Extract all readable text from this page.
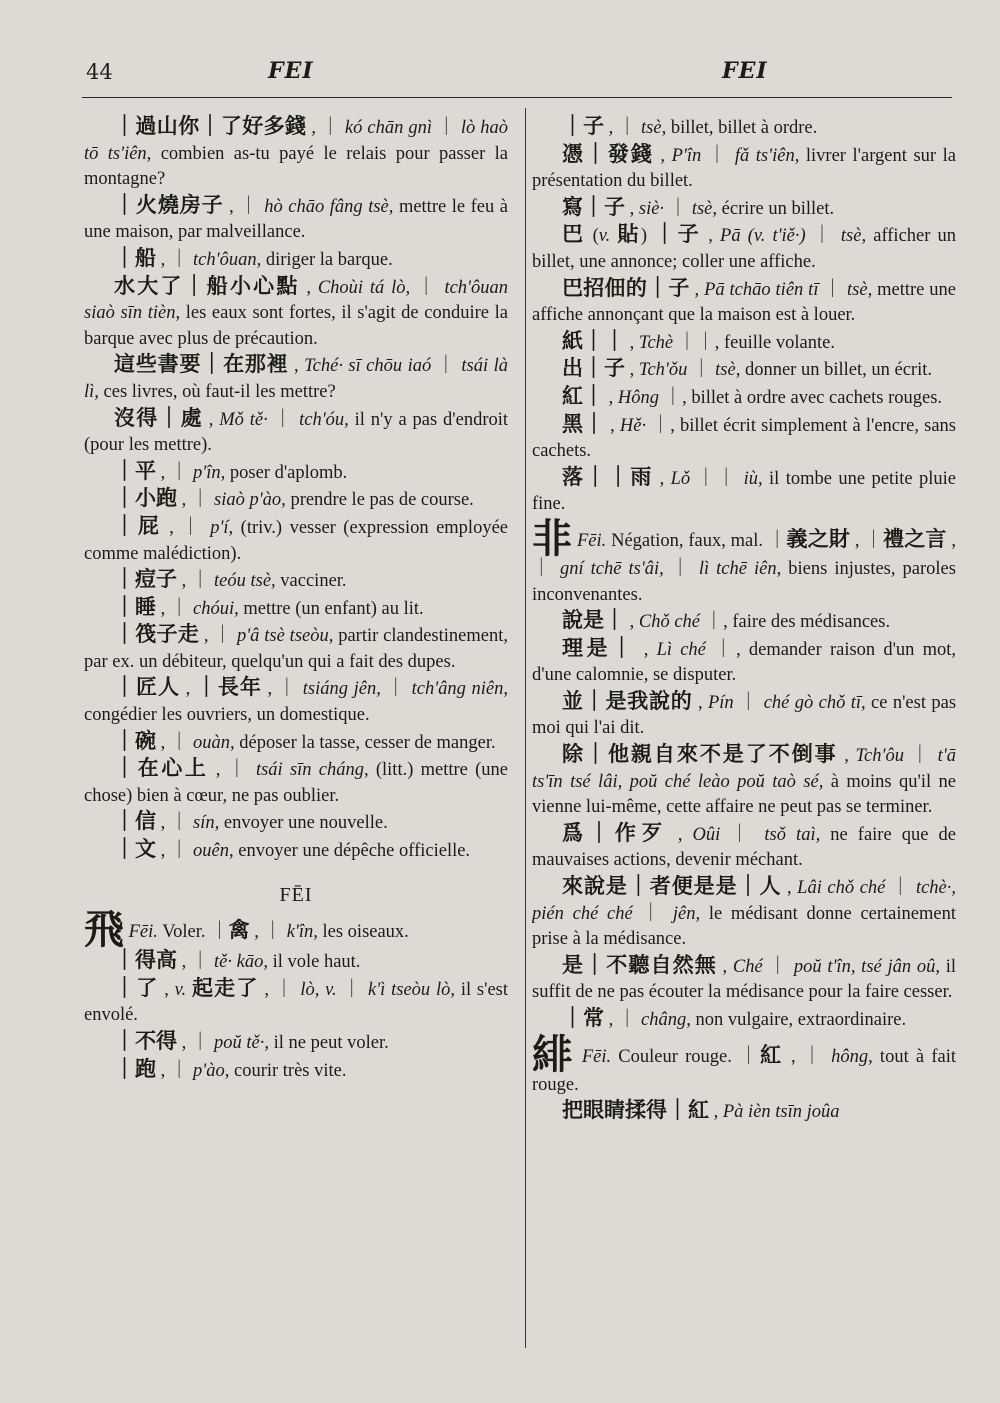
44	FEI	FEI

｜過山你｜了好多錢 , ｜ kó chān gnì ｜ lò haò tō ts'iên, combien as-tu payé le relais pour passer la montagne?

｜火燒房子 , ｜ hò chāo fâng tsè, mettre le feu à une maison, par malveillance.

｜船 , ｜ tch'ôuan, diriger la barque.

水大了｜船小心點 , Choùi tá lò, ｜ tch'ôuan siaò sīn tièn, les eaux sont fortes, il s'agit de conduire la barque avec plus de précaution.

這些書要｜在那裡 , Tché· sī chōu iaó ｜ tsái là lì, ces livres, où faut-il les mettre?

沒得｜處 , Mǒ tě· ｜ tch'óu, il n'y a pas d'endroit (pour les mettre).

｜平 , ｜ p'în, poser d'aplomb.

｜小跑 , ｜ siaò p'ào, prendre le pas de course.

｜屁 , ｜ p'í, (triv.) vesser (expression employée comme malédiction).

｜痘子 , ｜ teóu tsè, vacciner.

｜睡 , ｜ chóui, mettre (un enfant) au lit.

｜筏子走 , ｜ p'â tsè tseòu, partir clandestinement, par ex. un débiteur, quelqu'un qui a fait des dupes.

｜匠人 , ｜長年 , ｜ tsiáng jên, ｜ tch'âng niên, congédier les ouvriers, un domestique.

｜碗 , ｜ ouàn, déposer la tasse, cesser de manger.

｜在心上 , ｜ tsái sīn cháng, (litt.) mettre (une chose) bien à cœur, ne pas oublier.

｜信 , ｜ sín, envoyer une nouvelle.

｜文 , ｜ ouên, envoyer une dépêche officielle.

FĒI

飛 Fēi. Voler. ｜禽 , ｜ k'în, les oiseaux.

｜得高 , ｜ tě· kāo, il vole haut.

｜了 , v. 起走了 , ｜ lò, v. ｜ k'ì tseòu lò, il s'est envolé.

｜不得 , ｜ poŭ tě·, il ne peut voler.

｜跑 , ｜ p'ào, courir très vite.

｜子 , ｜ tsè, billet, billet à ordre.

憑｜發錢 , P'în ｜ fǎ ts'iên, livrer l'argent sur la présentation du billet.

寫｜子 , siè· ｜ tsè, écrire un billet.

巴 (v. 貼) ｜子 , Pā (v. t'iě·) ｜ tsè, afficher un billet, une annonce; coller une affiche.

巴招佃的｜子 , Pā tchāo tiên tī ｜ tsè, mettre une affiche annonçant que la maison est à louer.

紙｜｜ , Tchè ｜｜, feuille volante.

出｜子 , Tch'ǒu ｜ tsè, donner un billet, un écrit.

紅｜ , Hông ｜, billet à ordre avec cachets rouges.

黑｜ , Hě· ｜, billet écrit simplement à l'encre, sans cachets.

落｜｜雨 , Lǒ ｜｜ iù, il tombe une petite pluie fine.

非 Fēi. Négation, faux, mal. ｜義之財 , ｜禮之言 , ｜ gní tchē ts'âi, ｜ lì tchē iên, biens injustes, paroles inconvenantes.

說是｜ , Chǒ ché ｜, faire des médisances.

理是｜ , Lì ché ｜, demander raison d'un mot, d'une calomnie, se disputer.

並｜是我說的 , Pín ｜ ché gò chǒ tī, ce n'est pas moi qui l'ai dit.

除｜他親自來不是了不倒事 , Tch'ôu ｜ t'ā ts'īn tsé lâi, poŭ ché leào poŭ taò sé, à moins qu'il ne vienne lui-même, cette affaire ne peut pas se terminer.

爲｜作歹 , Oûi ｜ tsǒ taì, ne faire que de mauvaises actions, devenir méchant.

來說是｜者便是是｜人 , Lâi chǒ ché ｜ tchè·, pién ché ché ｜ jên, le médisant donne certainement prise à la médisance.

是｜不聽自然無 , Ché ｜ poŭ t'în, tsé jân oû, il suffit de ne pas écouter la médisance pour la faire cesser.

｜常 , ｜ châng, non vulgaire, extraordinaire.

緋 Fēi. Couleur rouge. ｜紅 , ｜ hông, tout à fait rouge.

把眼睛揉得｜紅 , Pà ièn tsīn joûa
